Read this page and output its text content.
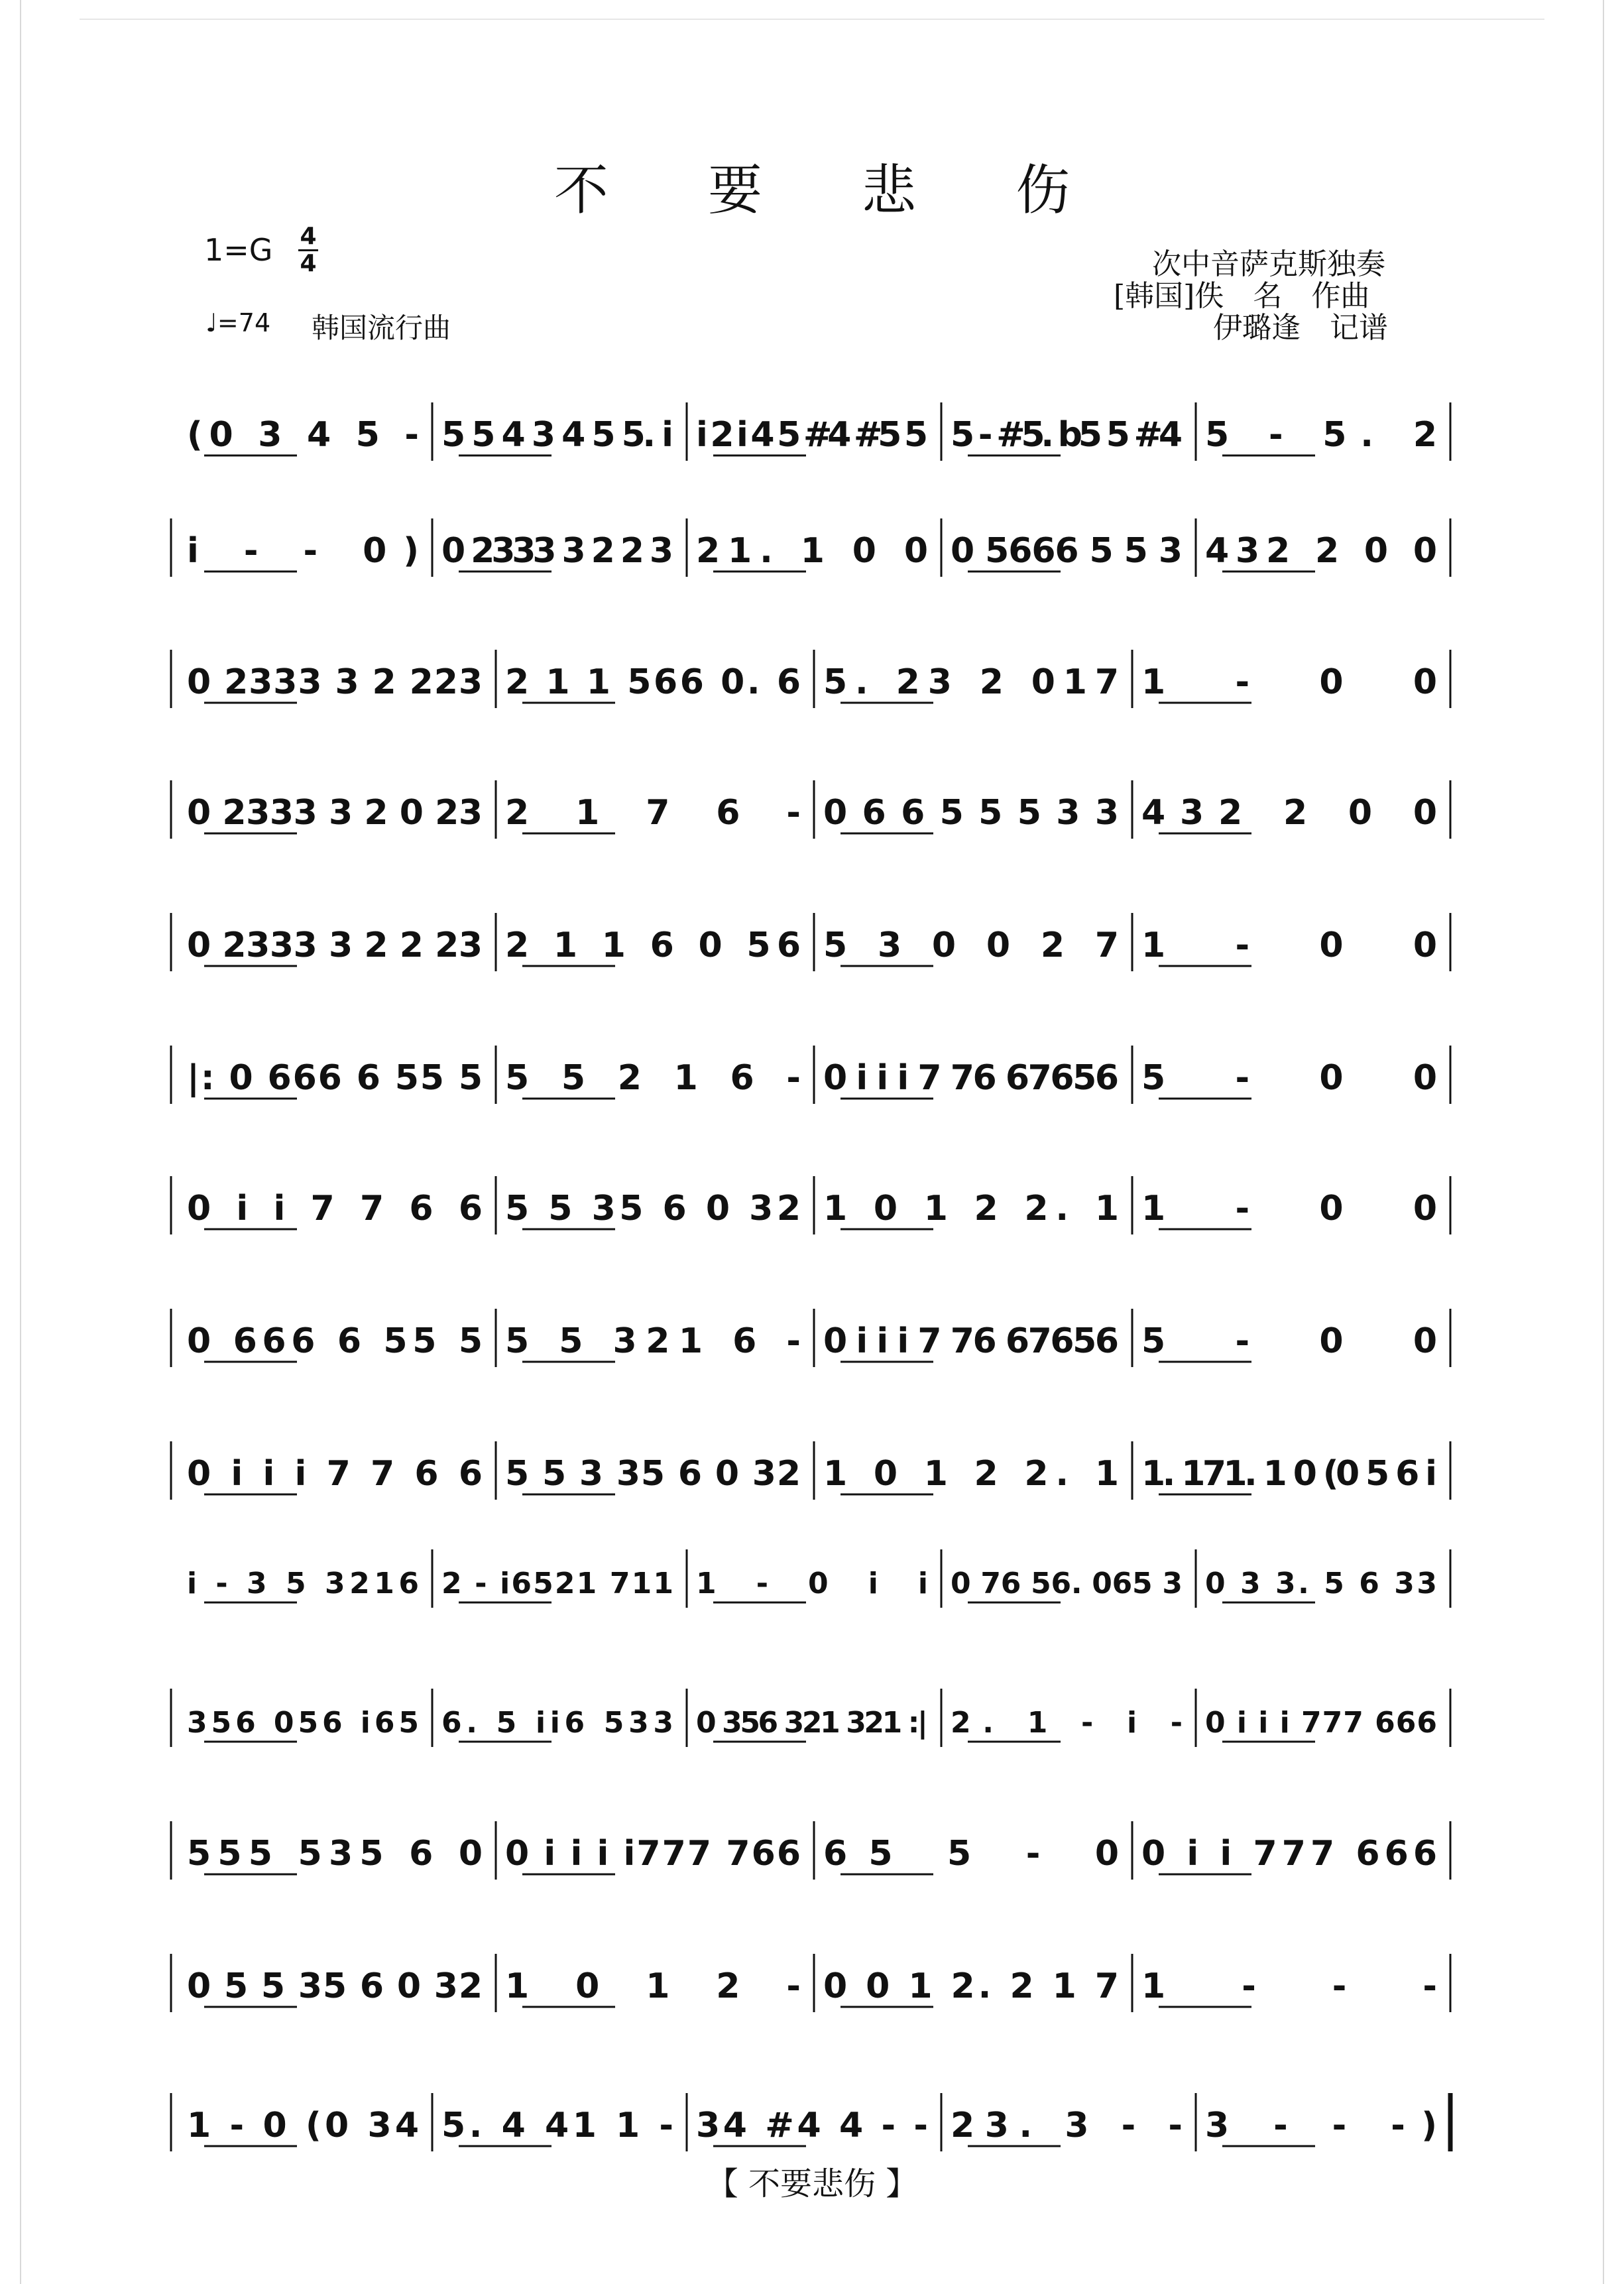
不 要 悲 伤
1=G 4
4
♩=74 韩国流行曲
次中音萨克斯独奏
[韩国]佚　名　作曲
伊璐逢　记谱
(0 3 4 5 - 5 5 4 3 4 5 5. i i 2 i 4 5 #4 #5 5 5 - #5. b5 5 #4 5 - 5. 2
i - - 0) 0 2333 3 2 2 3 21. 1 0 0 0 5666 5 5 3 432 2 0 0
0 2333 3 2 223 2 1 1 566 0. 6 5. 23 2 017 1 - 0 0
0 2333 3 2 0 23 2 1 7 6 - 0 6 6 5 5 5 3 3 432 2 0 0
0 2333 3 2 2 23 2 1 1 6 0 56 5 3 0 0 2 7 1 - 0 0
|: 0 666 6 55 5 5 5 2 1 6 - 0 i i i 7 76 67656 5 - 0 0
0 i i 7 7 6 6 5 5 35 6 0 32 1 0 1 2 2. 1 1 - 0 0
0 666 6 55 5 5 5 321 6 - 0 i i i 7 76 67656 5 - 0 0
0 i i i 7 7 6 6 5 5 3 35 6 0 32 1 0 1 2 2. 1 1. 171. 1 0 (0 5 6 i
i - 3 5 3216 2 - i6521 711 1 - 0 i i 0 76 56. 065 3 0 3 3. 5 6 33
356 056 i65 6. 5 ii6 533 0 356 321 321 :| 2. 1 - i - 0 i i i 777 666
555 535 6 0 0 i i i i777 766 65 5 - 0 0 i i 777 666
0 5 5 35 6 0 32 1 0 1 2 - 0 0 1 2. 2 1 7 1 - - -
1 - 0 (0 34 5. 4 41 1 - 34 #4 4 - - 23. 3 - - 3 - - -)
【 不要悲伤 】
